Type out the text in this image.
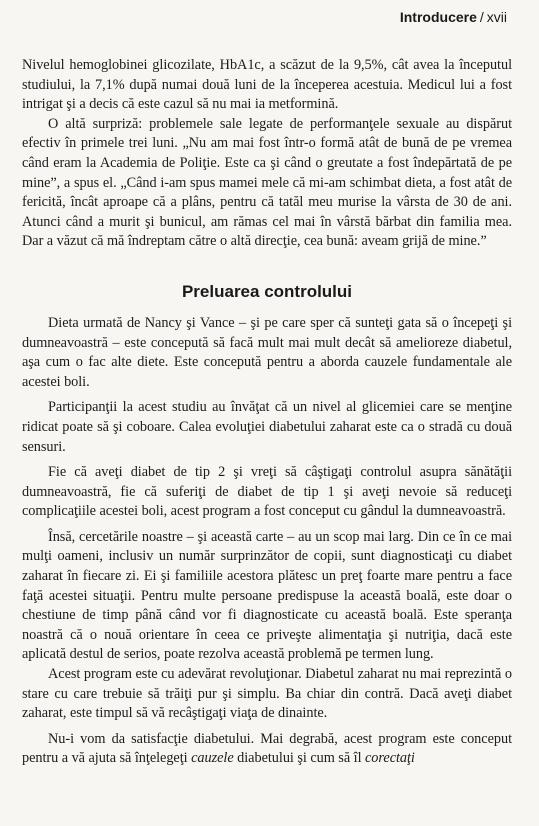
Introducere / xvii

Nivelul hemoglobinei glicozilate, HbA1c, a scăzut de la 9,5%, cât avea la începutul studiului, la 7,1% după numai două luni de la începerea acestuia. Medicul lui a fost intrigat şi a decis că este cazul să nu mai ia metformină.

O altă surpriză: problemele sale legate de performanţele sexuale au dispărut efectiv în primele trei luni. „Nu am mai fost într-o formă atât de bună de pe vremea când eram la Academia de Poliţie. Este ca şi când o greutate a fost îndepărtată de pe mine”, a spus el. „Când i-am spus mamei mele că mi-am schimbat dieta, a fost atât de fericită, încât aproape că a plâns, pentru că tatăl meu murise la vârsta de 30 de ani. Atunci când a murit şi bunicul, am rămas cel mai în vârstă bărbat din familia mea. Dar a văzut că mă îndreptam către o altă direcţie, cea bună: aveam grijă de mine.”

Preluarea controlului

Dieta urmată de Nancy şi Vance – şi pe care sper că sunteţi gata să o începeţi şi dumneavoastră – este concepută să facă mult mai mult decât să amelioreze diabetul, aşa cum o fac alte diete. Este concepută pentru a aborda cauzele fundamentale ale acestei boli.

Participanţii la acest studiu au învăţat că un nivel al glicemiei care se menţine ridicat poate să şi coboare. Calea evoluţiei diabetului zaharat este ca o stradă cu două sensuri.

Fie că aveţi diabet de tip 2 şi vreţi să câştigaţi controlul asupra sănătăţii dumneavoastră, fie că suferiţi de diabet de tip 1 şi aveţi nevoie să reduceţi complicaţiile acestei boli, acest program a fost conceput cu gândul la dumneavoastră.

Însă, cercetările noastre – şi această carte – au un scop mai larg. Din ce în ce mai mulţi oameni, inclusiv un număr surprinzător de copii, sunt diagnosticaţi cu diabet zaharat în fiecare zi. Ei şi familiile acestora plătesc un preţ foarte mare pentru a face faţă acestei situaţii. Pentru multe persoane predispuse la această boală, este doar o chestiune de timp până când vor fi diagnosticate cu această boală. Este speranţa noastră că o nouă orientare în ceea ce priveşte alimentaţia şi nutriţia, dacă este aplicată destul de serios, poate rezolva această problemă pe termen lung.

Acest program este cu adevărat revoluţionar. Diabetul zaharat nu mai reprezintă o stare cu care trebuie să trăiţi pur şi simplu. Ba chiar din contră. Dacă aveţi diabet zaharat, este timpul să vă recâştigaţi viaţa de dinainte.

Nu-i vom da satisfacţie diabetului. Mai degrabă, acest program este conceput pentru a vă ajuta să înţelegeţi cauzele diabetului şi cum să îl corectaţi
